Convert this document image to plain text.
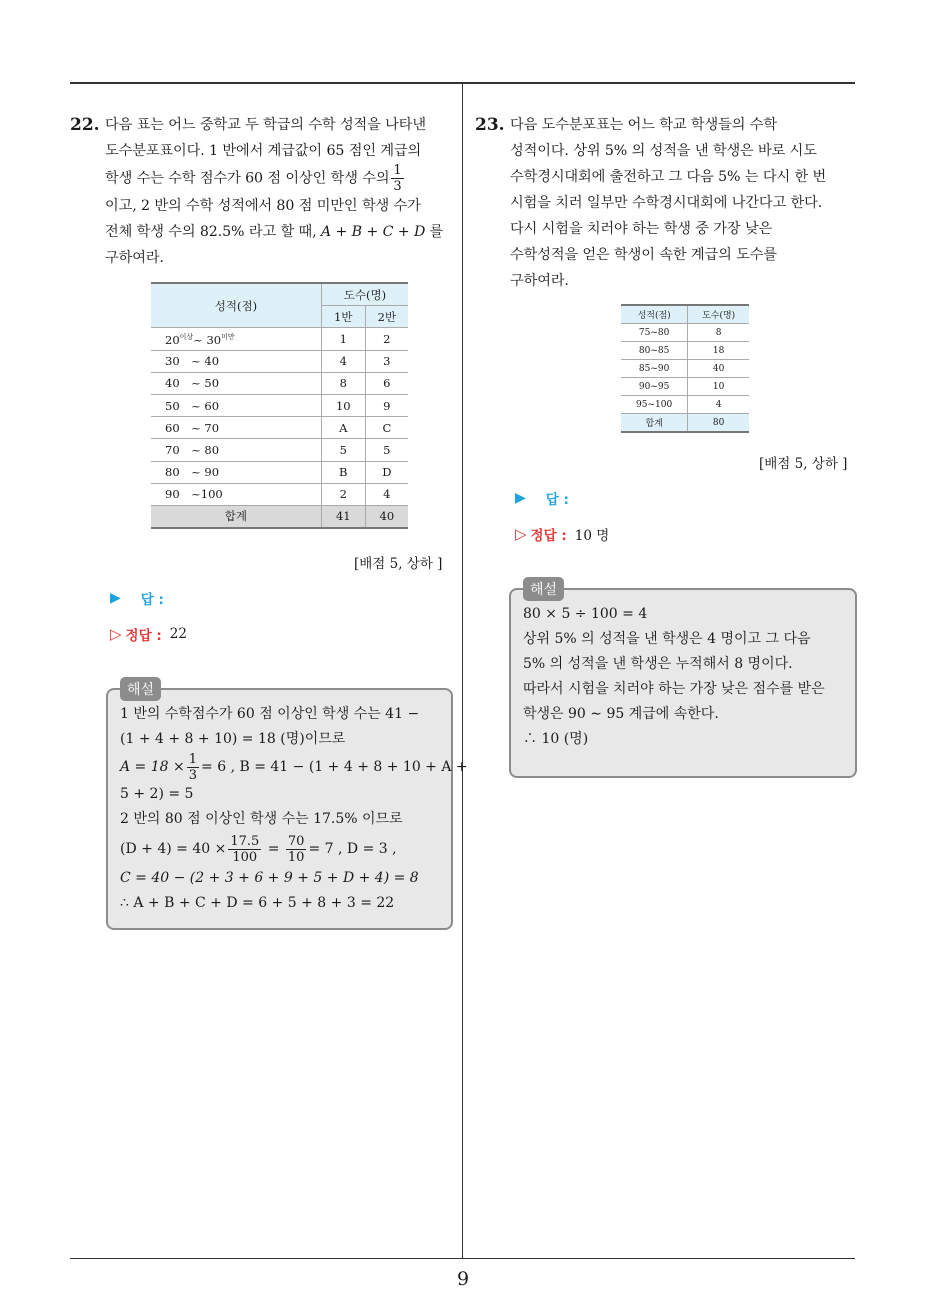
9
22. 다음 표는 어느 중학교 두 학급의 수학 성적을 나타낸
도수분포표이다. 1 반에서 계급값이 65 점인 계급의
학생 수는 수학 점수가 60 점 이상인 학생 수의 $\frac{1}{3}$
이고, 2 반의 수학 성적에서 80 점 미만인 학생 수가
전체 학생 수의 82.5% 라고 할 때, A + B + C + D 를
구하여라.
성적(점)	도수(명)	
	1반	2반
$20^{이상}\sim$ $30^{미만}$	1	2
30　~ 40	4	3
40　~ 50	8	6
50　~ 60	10	9
60　~ 70	A	C
70　~ 80	5	5
80　~ 90	B	D
90　~100	2	4
합계	41	40
[배점 5, 상하 ]
▶ 답 :
▷ 정답 : 22
해설
1 반의 수학점수가 60 점 이상인 학생 수는 41 −
(1 + 4 + 8 + 10) = 18 (명)이므로
$A = 18 \times \frac{1}{3} = 6$ , B = 41 − (1 + 4 + 8 + 10 + A +
5 + 2) = 5
2 반의 80 점 이상인 학생 수는 17.5% 이므로
$(D + 4) = 40 \times \frac{17.5}{100} = \frac{70}{10} = 7$ , D = 3 ,
C = 40 − (2 + 3 + 6 + 9 + 5 + D + 4) = 8
∴ A + B + C + D = 6 + 5 + 8 + 3 = 22
23. 다음 도수분포표는 어느 학교 학생들의 수학
성적이다. 상위 5% 의 성적을 낸 학생은 바로 시도
수학경시대회에 출전하고 그 다음 5% 는 다시 한 번
시험을 치러 일부만 수학경시대회에 나간다고 한다.
다시 시험을 치러야 하는 학생 중 가장 낮은
수학성적을 얻은 학생이 속한 계급의 도수를
구하여라.
성적(점)	도수(명)
75~80	8
80~85	18
85~90	40
90~95	10
95~100	4
합계	80
[배점 5, 상하 ]
▶ 답 :
▷ 정답 : 10 명
해설
80 × 5 ÷ 100 = 4
상위 5% 의 성적을 낸 학생은 4 명이고 그 다음
5% 의 성적을 낸 학생은 누적해서 8 명이다.
따라서 시험을 치러야 하는 가장 낮은 점수를 받은
학생은 90 ∼ 95 계급에 속한다.
∴ 10 (명)
